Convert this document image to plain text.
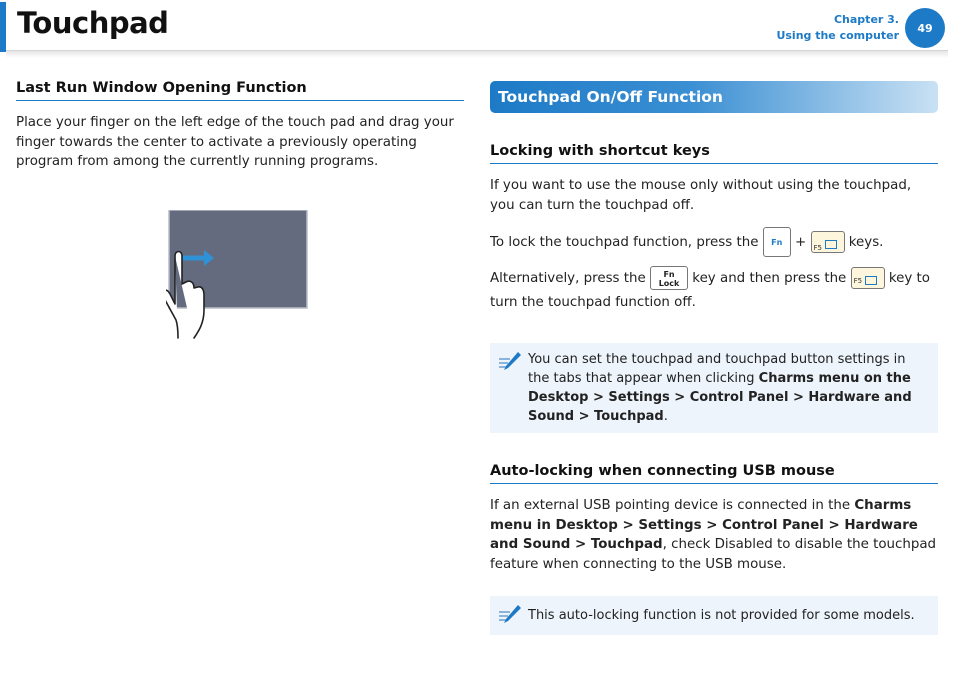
Touchpad	Chapter 3.
Using the computer
49
Last Run Window Opening Function

Place your finger on the left edge of the touch pad and drag your finger towards the center to activate a previously operating program from among the currently running programs.

Touchpad On/Off Function
Locking with shortcut keys

If you want to use the mouse only without using the touchpad, you can turn the touchpad off.

To lock the touchpad function, press the Fn + F5 keys.
Alternatively, press the	Fn
Lock key and then press the F5 key to turn the touchpad function off.
You can set the touchpad and touchpad button settings in the tabs that appear when clicking Charms menu on the Desktop > Settings > Control Panel > Hardware and Sound > Touchpad.
Auto-locking when connecting USB mouse

If an external USB pointing device is connected in the Charms menu in Desktop > Settings > Control Panel > Hardware and Sound > Touchpad, check Disabled to disable the touchpad feature when connecting to the USB mouse.

This auto-locking function is not provided for some models.
